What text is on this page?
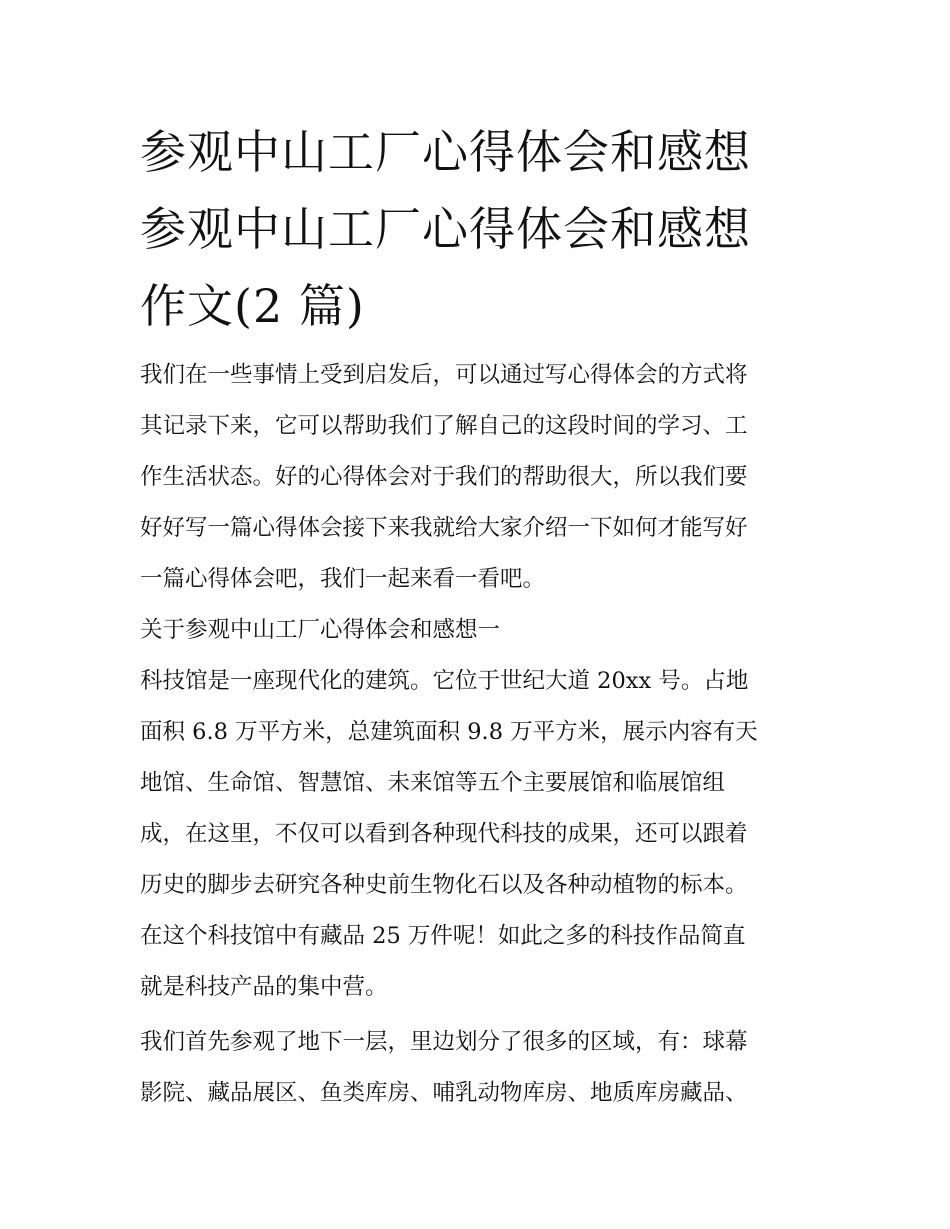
参观中山工厂心得体会和感想
参观中山工厂心得体会和感想
作文(2 篇)
我们在一些事情上受到启发后，可以通过写心得体会的方式将
其记录下来，它可以帮助我们了解自己的这段时间的学习、工
作生活状态。好的心得体会对于我们的帮助很大，所以我们要
好好写一篇心得体会接下来我就给大家介绍一下如何才能写好
一篇心得体会吧，我们一起来看一看吧。
关于参观中山工厂心得体会和感想一
科技馆是一座现代化的建筑。它位于世纪大道 20xx 号。占地
面积 6.8 万平方米，总建筑面积 9.8 万平方米，展示内容有天
地馆、生命馆、智慧馆、未来馆等五个主要展馆和临展馆组
成，在这里，不仅可以看到各种现代科技的成果，还可以跟着
历史的脚步去研究各种史前生物化石以及各种动植物的标本。
在这个科技馆中有藏品 25 万件呢！如此之多的科技作品简直
就是科技产品的集中营。
我们首先参观了地下一层，里边划分了很多的区域，有：球幕
影院、藏品展区、鱼类库房、哺乳动物库房、地质库房藏品、
